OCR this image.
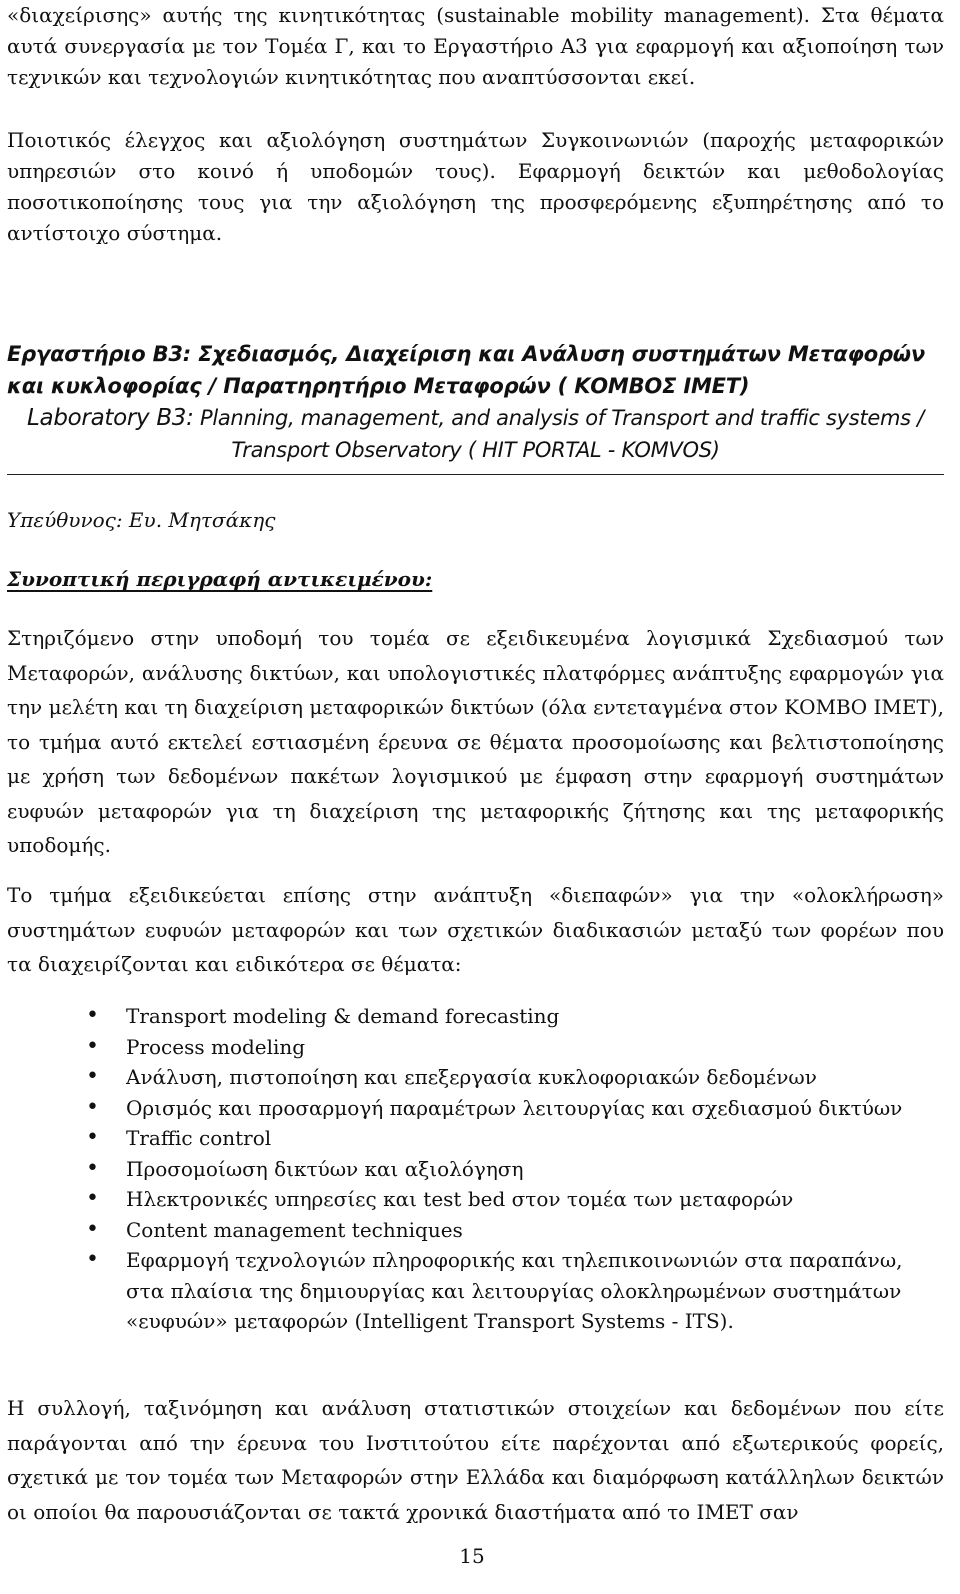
«διαχείρισης» αυτής της κινητικότητας (sustainable mobility management). Στα θέματα αυτά συνεργασία με τον Τομέα Γ, και το Εργαστήριο Α3 για εφαρμογή και αξιοποίηση των τεχνικών και τεχνολογιών κινητικότητας που αναπτύσσονται εκεί.

Ποιοτικός έλεγχος και αξιολόγηση συστημάτων Συγκοινωνιών (παροχής μεταφορικών υπηρεσιών στο κοινό ή υποδομών τους). Εφαρμογή δεικτών και μεθοδολογίας ποσοτικοποίησης τους για την αξιολόγηση της προσφερόμενης εξυπηρέτησης από το αντίστοιχο σύστημα.

Εργαστήριο Β3: Σχεδιασμός, Διαχείριση και Ανάλυση συστημάτων Μεταφορών και κυκλοφορίας / Παρατηρητήριο Μεταφορών ( ΚΟΜΒΟΣ ΙΜΕΤ)
Laboratory B3: Planning, management, and analysis of Transport and traffic systems / Transport Observatory ( HIT PORTAL - KOMVOS)

Υπεύθυνος: Ευ. Μητσάκης

Συνοπτική περιγραφή αντικειμένου:

Στηριζόμενο στην υποδομή του τομέα σε εξειδικευμένα λογισμικά Σχεδιασμού των Μεταφορών, ανάλυσης δικτύων, και υπολογιστικές πλατφόρμες ανάπτυξης εφαρμογών για την μελέτη και τη διαχείριση μεταφορικών δικτύων (όλα εντεταγμένα στον ΚΟΜΒΟ ΙΜΕΤ), το τμήμα αυτό εκτελεί εστιασμένη έρευνα σε θέματα προσομοίωσης και βελτιστοποίησης με χρήση των δεδομένων πακέτων λογισμικού με έμφαση στην εφαρμογή συστημάτων ευφυών μεταφορών για τη διαχείριση της μεταφορικής ζήτησης και της μεταφορικής υποδομής.

Το τμήμα εξειδικεύεται επίσης στην ανάπτυξη «διεπαφών» για την «ολοκλήρωση» συστημάτων ευφυών μεταφορών και των σχετικών διαδικασιών μεταξύ των φορέων που τα διαχειρίζονται και ειδικότερα σε θέματα:

• Transport modeling & demand forecasting
• Process modeling
• Ανάλυση, πιστοποίηση και επεξεργασία κυκλοφοριακών δεδομένων
• Ορισμός και προσαρμογή παραμέτρων λειτουργίας και σχεδιασμού δικτύων
• Traffic control
• Προσομοίωση δικτύων και αξιολόγηση
• Ηλεκτρονικές υπηρεσίες και test bed στον τομέα των μεταφορών
• Content management techniques
• Εφαρμογή τεχνολογιών πληροφορικής και τηλεπικοινωνιών στα παραπάνω, στα πλαίσια της δημιουργίας και λειτουργίας ολοκληρωμένων συστημάτων «ευφυών» μεταφορών (Intelligent Transport Systems - ITS).

Η συλλογή, ταξινόμηση και ανάλυση στατιστικών στοιχείων και δεδομένων που είτε παράγονται από την έρευνα του Ινστιτούτου είτε παρέχονται από εξωτερικούς φορείς, σχετικά με τον τομέα των Μεταφορών στην Ελλάδα και διαμόρφωση κατάλληλων δεικτών οι οποίοι θα παρουσιάζονται σε τακτά χρονικά διαστήματα από το ΙΜΕΤ σαν

15
